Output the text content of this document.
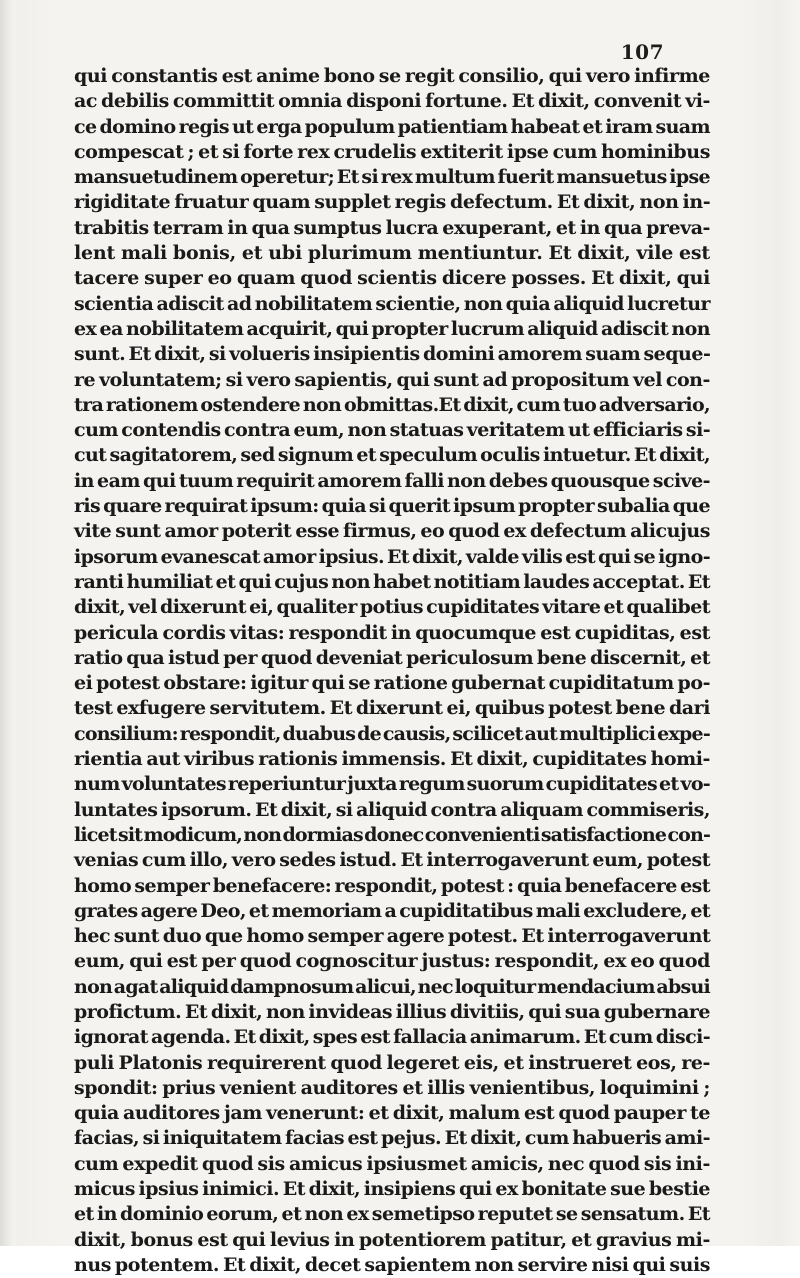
107
qui constantis est anime bono se regit consilio, qui vero infirme
ac debilis committit omnia disponi fortune. Et dixit, convenit vi-
ce domino regis ut erga populum patientiam habeat et iram suam
compescat ; et si forte rex crudelis extiterit ipse cum hominibus
mansuetudinem operetur; Et si rex multum fuerit mansuetus ipse
rigiditate fruatur quam supplet regis defectum. Et dixit, non in-
trabitis terram in qua sumptus lucra exuperant, et in qua preva-
lent mali bonis, et ubi plurimum mentiuntur. Et dixit, vile est
tacere super eo quam quod scientis dicere posses. Et dixit, qui
scientia adiscit ad nobilitatem scientie, non quia aliquid lucretur
ex ea nobilitatem acquirit, qui propter lucrum aliquid adiscit non
sunt. Et dixit, si volueris insipientis domini amorem suam seque-
re voluntatem; si vero sapientis, qui sunt ad propositum vel con-
tra rationem ostendere non obmittas.Et dixit, cum tuo adversario,
cum contendis contra eum, non statuas veritatem ut efficiaris si-
cut sagitatorem, sed signum et speculum oculis intuetur. Et dixit,
in eam qui tuum requirit amorem falli non debes quousque scive-
ris quare requirat ipsum: quia si querit ipsum propter subalia que
vite sunt amor poterit esse firmus, eo quod ex defectum alicujus
ipsorum evanescat amor ipsius. Et dixit, valde vilis est qui se igno-
ranti humiliat et qui cujus non habet notitiam laudes acceptat. Et
dixit, vel dixerunt ei, qualiter potius cupiditates vitare et qualibet
pericula cordis vitas: respondit in quocumque est cupiditas, est
ratio qua istud per quod deveniat periculosum bene discernit, et
ei potest obstare: igitur qui se ratione gubernat cupiditatum po-
test exfugere servitutem. Et dixerunt ei, quibus potest bene dari
consilium: respondit, duabus de causis, scilicet aut multiplici expe-
rientia aut viribus rationis immensis. Et dixit, cupiditates homi-
num voluntates reperiuntur juxta regum suorum cupiditates et vo-
luntates ipsorum. Et dixit, si aliquid contra aliquam commiseris,
licet sit modicum, non dormias donec convenienti satisfactione con-
venias cum illo, vero sedes istud. Et interrogaverunt eum, potest
homo semper benefacere: respondit, potest : quia benefacere est
grates agere Deo, et memoriam a cupiditatibus mali excludere, et
hec sunt duo que homo semper agere potest. Et interrogaverunt
eum, qui est per quod cognoscitur justus: respondit, ex eo quod
non agat aliquid dampnosum alicui, nec loquitur mendacium absui
profictum. Et dixit, non invideas illius divitiis, qui sua gubernare
ignorat agenda. Et dixit, spes est fallacia animarum. Et cum disci-
puli Platonis requirerent quod legeret eis, et instrueret eos, re-
spondit: prius venient auditores et illis venientibus, loquimini ;
quia auditores jam venerunt: et dixit, malum est quod pauper te
facias, si iniquitatem facias est pejus. Et dixit, cum habueris ami-
cum expedit quod sis amicus ipsiusmet amicis, nec quod sis ini-
micus ipsius inimici. Et dixit, insipiens qui ex bonitate sue bestie
et in dominio eorum, et non ex semetipso reputet se sensatum. Et
dixit, bonus est qui levius in potentiorem patitur, et gravius mi-
nus potentem. Et dixit, decet sapientem non servire nisi qui suis
